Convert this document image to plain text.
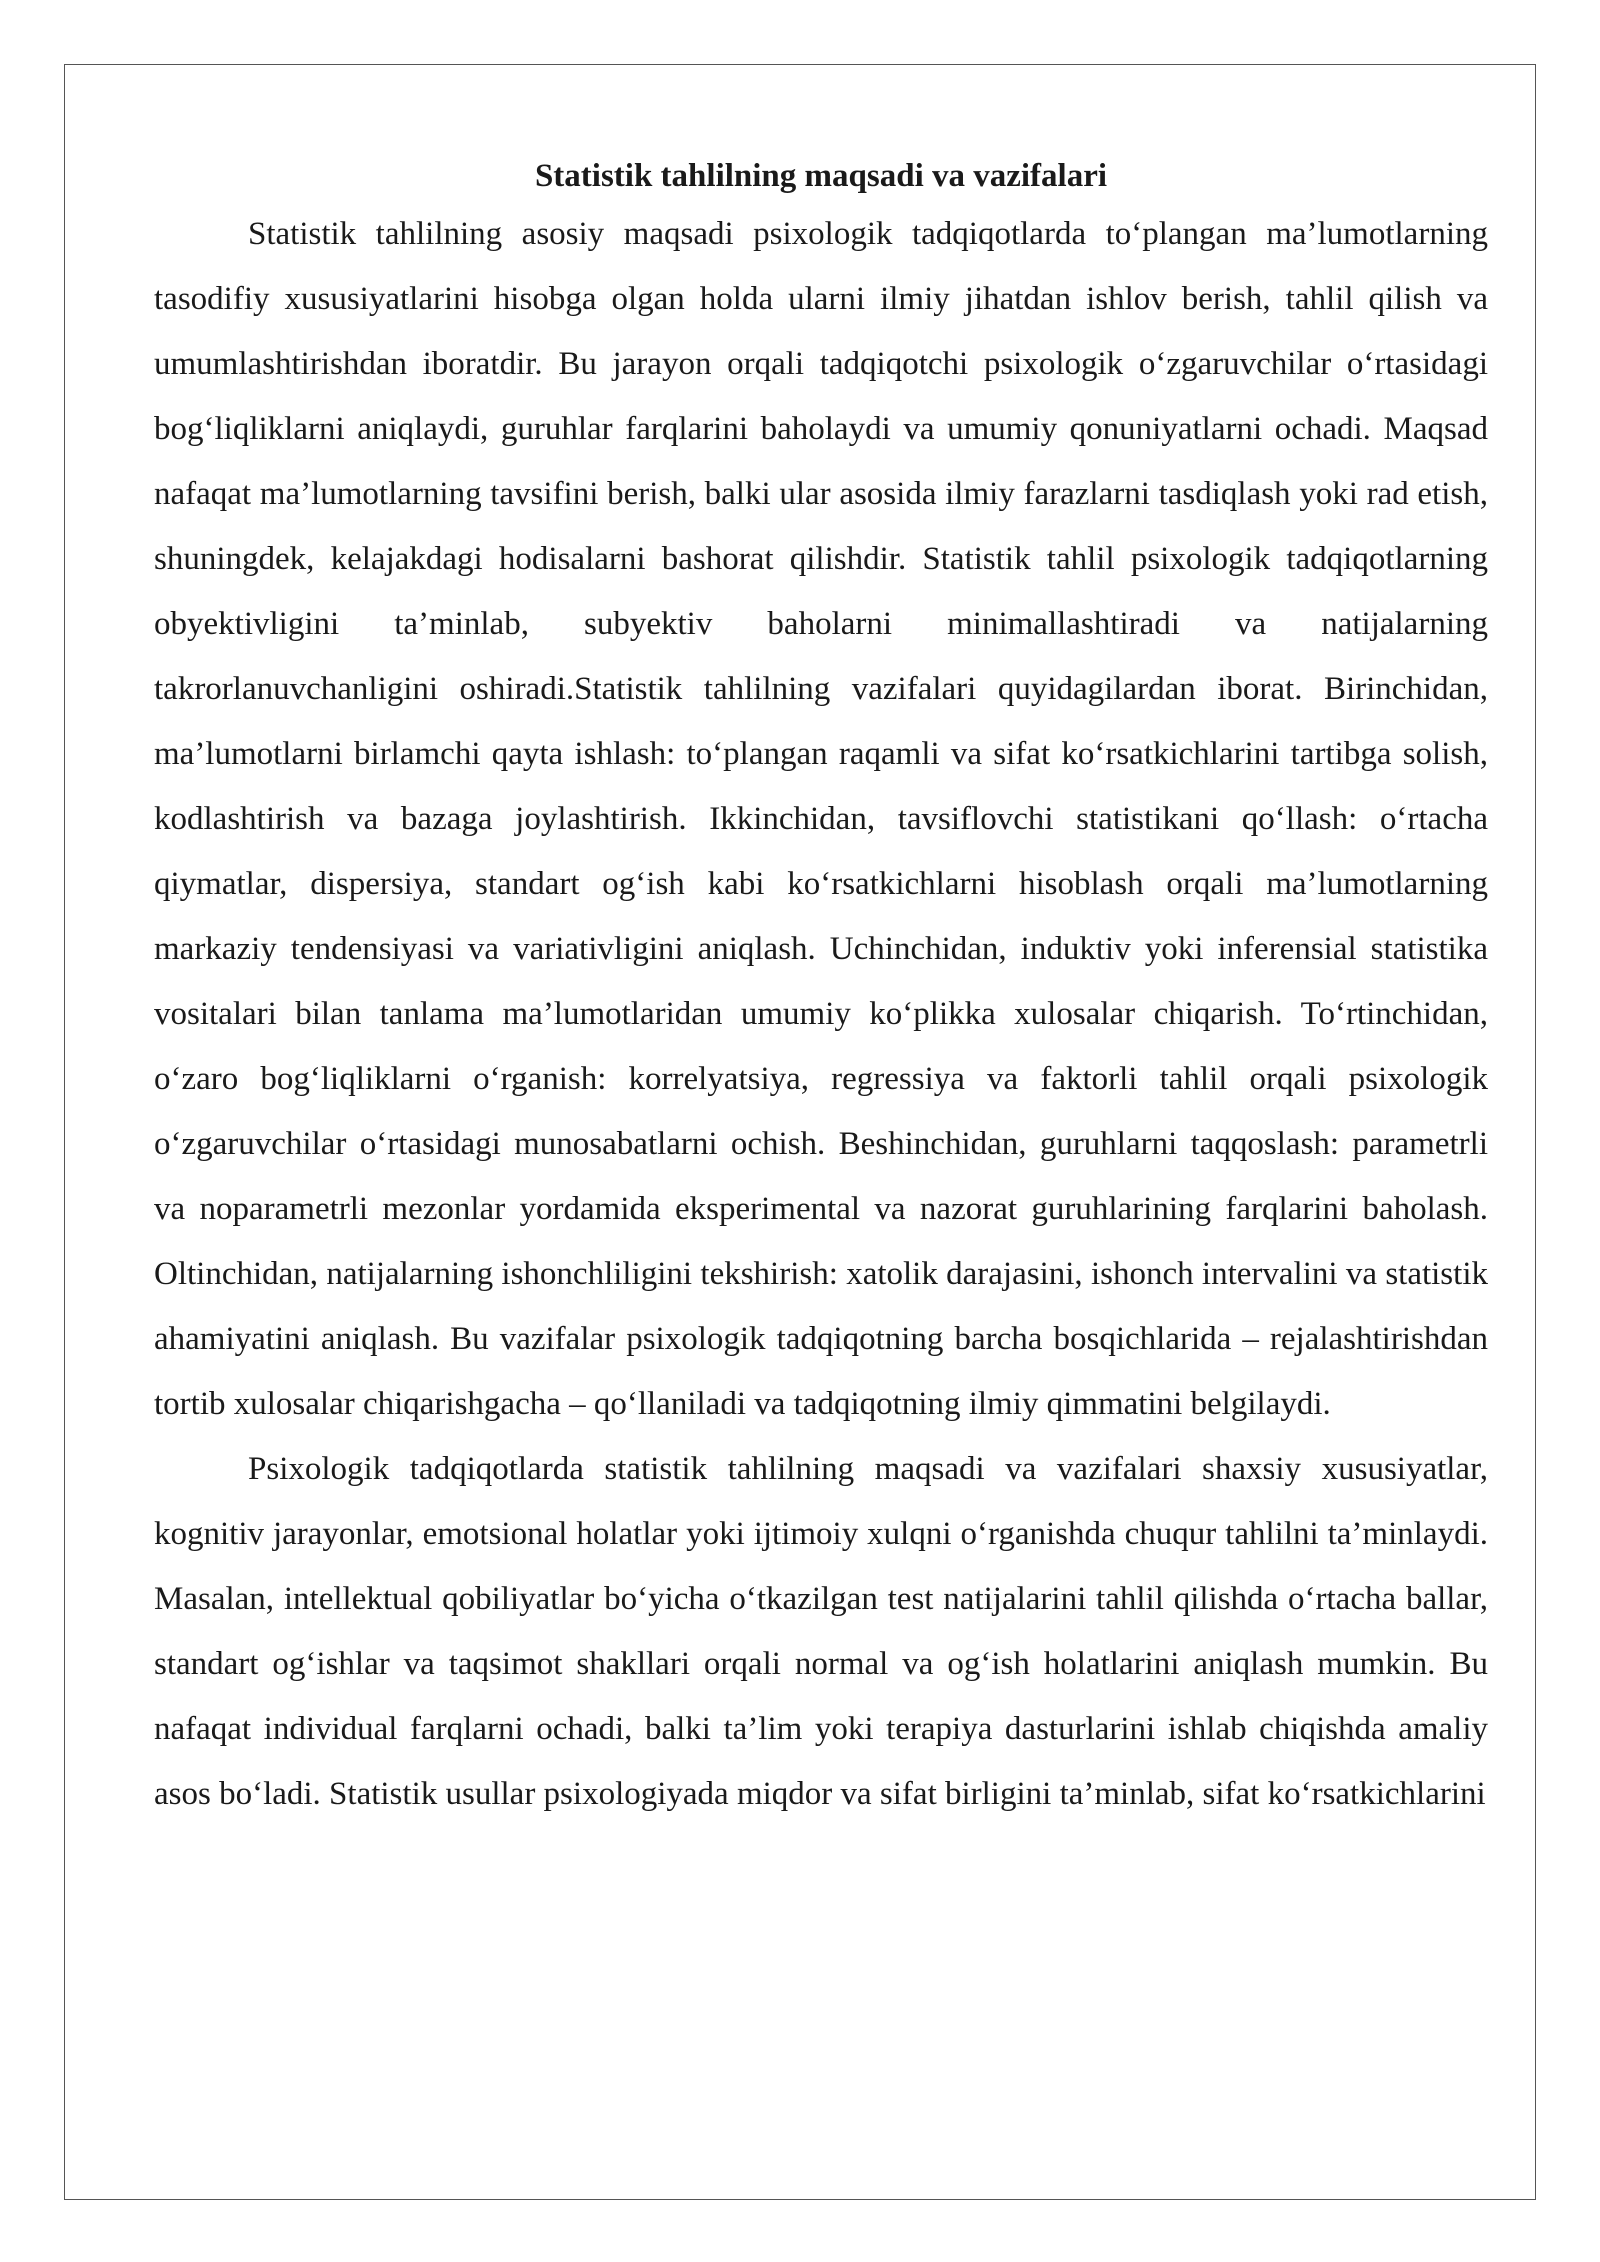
Statistik tahlilning maqsadi va vazifalari

Statistik tahlilning asosiy maqsadi psixologik tadqiqotlarda to‘plangan ma’lumotlarning tasodifiy xususiyatlarini hisobga olgan holda ularni ilmiy jihatdan ishlov berish, tahlil qilish va umumlashtirishdan iboratdir. Bu jarayon orqali tadqiqotchi psixologik o‘zgaruvchilar o‘rtasidagi bog‘liqliklarni aniqlaydi, guruhlar farqlarini baholaydi va umumiy qonuniyatlarni ochadi. Maqsad nafaqat ma’lumotlarning tavsifini berish, balki ular asosida ilmiy farazlarni tasdiqlash yoki rad etish, shuningdek, kelajakdagi hodisalarni bashorat qilishdir. Statistik tahlil psixologik tadqiqotlarning obyektivligini ta’minlab, subyektiv baholarni minimallashtiradi va natijalarning takrorlanuvchanligini oshiradi.Statistik tahlilning vazifalari quyidagilardan iborat. Birinchidan, ma’lumotlarni birlamchi qayta ishlash: to‘plangan raqamli va sifat ko‘rsatkichlarini tartibga solish, kodlashtirish va bazaga joylashtirish. Ikkinchidan, tavsiflovchi statistikani qo‘llash: o‘rtacha qiymatlar, dispersiya, standart og‘ish kabi ko‘rsatkichlarni hisoblash orqali ma’lumotlarning markaziy tendensiyasi va variativligini aniqlash. Uchinchidan, induktiv yoki inferensial statistika vositalari bilan tanlama ma’lumotlaridan umumiy ko‘plikka xulosalar chiqarish. To‘rtinchidan, o‘zaro bog‘liqliklarni o‘rganish: korrelyatsiya, regressiya va faktorli tahlil orqali psixologik o‘zgaruvchilar o‘rtasidagi munosabatlarni ochish. Beshinchidan, guruhlarni taqqoslash: parametrli va noparametrli mezonlar yordamida eksperimental va nazorat guruhlarining farqlarini baholash. Oltinchidan, natijalarning ishonchliligini tekshirish: xatolik darajasini, ishonch intervalini va statistik ahamiyatini aniqlash. Bu vazifalar psixologik tadqiqotning barcha bosqichlarida – rejalashtirishdan tortib xulosalar chiqarishgacha – qo‘llaniladi va tadqiqotning ilmiy qimmatini belgilaydi.

Psixologik tadqiqotlarda statistik tahlilning maqsadi va vazifalari shaxsiy xususiyatlar, kognitiv jarayonlar, emotsional holatlar yoki ijtimoiy xulqni o‘rganishda chuqur tahlilni ta’minlaydi. Masalan, intellektual qobiliyatlar bo‘yicha o‘tkazilgan test natijalarini tahlil qilishda o‘rtacha ballar, standart og‘ishlar va taqsimot shakllari orqali normal va og‘ish holatlarini aniqlash mumkin. Bu nafaqat individual farqlarni ochadi, balki ta’lim yoki terapiya dasturlarini ishlab chiqishda amaliy asos bo‘ladi. Statistik usullar psixologiyada miqdor va sifat birligini ta’minlab, sifat ko‘rsatkichlarini
